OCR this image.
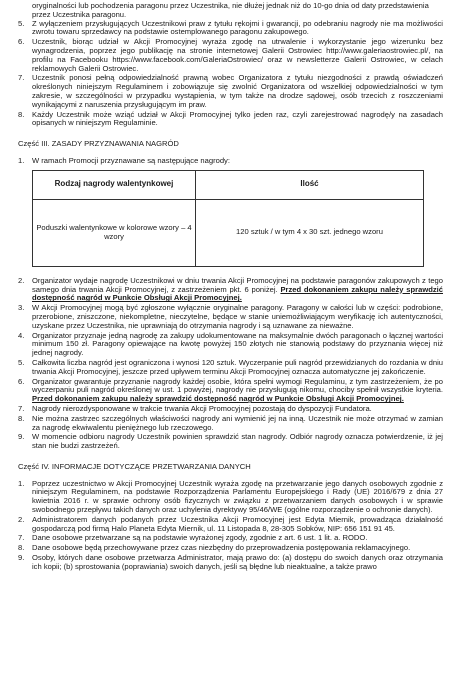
oryginalności lub pochodzenia paragonu przez Uczestnika, nie dłużej jednak niż do 10-go dnia od daty przedstawienia
przez Uczestnika paragonu.
5.	Z wyłączeniem przysługujących Uczestnikowi praw z tytułu rękojmi i gwarancji, po odebraniu nagrody nie ma możliwości zwrotu towaru sprzedawcy na podstawie ostemplowanego paragonu zakupowego.
6.	Uczestnik, biorąc udział w Akcji Promocyjnej wyraża zgodę na utrwalenie i wykorzystanie jego wizerunku bez wynagrodzenia, poprzez jego publikację na stronie internetowej Galerii Ostrowiec http://www.galeriaostrowiec.pl/, na profilu na Facebooku https://www.facebook.com/GaleriaOstrowiec/ oraz w newsletterze Galerii Ostrowiec, w celach reklamowych Galerii Ostrowiec.
7.	Uczestnik ponosi pełną odpowiedzialność prawną wobec Organizatora z tytułu niezgodności z prawdą oświadczeń określonych niniejszym Regulaminem i zobowiązuje się zwolnić Organizatora od wszelkiej odpowiedzialności w tym zakresie, w szczególności w przypadku wystąpienia, w tym także na drodze sądowej, osób trzecich z roszczeniami wynikającymi z naruszenia przysługującym im praw.
8.	Każdy Uczestnik może wziąć udział w Akcji Promocyjnej tylko jeden raz, czyli zarejestrować nagrodę/y na zasadach opisanych w niniejszym Regulaminie.
Część III. ZASADY PRZYZNAWANIA NAGRÓD
1.	W ramach Promocji przyznawane są następujące nagrody:
Rodzaj nagrody walentynkowej	Ilość
Poduszki walentynkowe w kolorowe wzory – 4 wzory	120 sztuk / w tym 4 x 30 szt. jednego wzoru
2.	Organizator wydaje nagrodę Uczestnikowi w dniu trwania Akcji Promocyjnej na podstawie paragonów zakupowych z tego samego dnia trwania Akcji Promocyjnej, z zastrzeżeniem pkt. 6 poniżej. Przed dokonaniem zakupu należy sprawdzić dostępność nagród w Punkcie Obsługi Akcji Promocyjnej.
3.	W Akcji Promocyjnej mogą być zgłoszone wyłącznie oryginalne paragony. Paragony w całości lub w części: podrobione, przerobione, zniszczone, niekompletne, nieczytelne, będące w stanie uniemożliwiającym weryfikację ich autentyczności, uzyskane przez Uczestnika, nie uprawniają do otrzymania nagrody i są uznawane za nieważne.
4.	Organizator przyznaje jedną nagrodę za zakupy udokumentowane na maksymalnie dwóch paragonach o łącznej wartości minimum 150 zł. Paragony opiewające na kwotę powyżej 150 złotych nie stanowią podstawy do przyznania więcej niż jednej nagrody.
5.	Całkowita liczba nagród jest ograniczona i wynosi 120 sztuk. Wyczerpanie puli nagród przewidzianych do rozdania w dniu trwania Akcji Promocyjnej, jeszcze przed upływem terminu Akcji Promocyjnej oznacza automatyczne jej zakończenie.
6.	Organizator gwarantuje przyznanie nagrody każdej osobie, która spełni wymogi Regulaminu, z tym zastrzeżeniem, że po wyczerpaniu puli nagród określonej w ust. 1 powyżej, nagrody nie przysługują nikomu, chociby spełnił wszystkie kryteria. Przed dokonaniem zakupu należy sprawdzić dostępność nagród w Punkcie Obsługi Akcji Promocyjnej.
7.	Nagrody nierozdysponowane w trakcie trwania Akcji Promocyjnej pozostają do dyspozycji Fundatora.
8.	Nie można zastrzec szczególnych właściwości nagrody ani wymienić jej na inną. Uczestnik nie może otrzymać w zamian za nagrodę ekwiwalentu pieniężnego lub rzeczowego.
9.	W momencie odbioru nagrody Uczestnik powinien sprawdzić stan nagrody. Odbiór nagrody oznacza potwierdzenie, iż jej stan nie budzi zastrzeżeń.
Część IV. INFORMACJE DOTYCZĄCE PRZETWARZANIA DANYCH
1.	Poprzez uczestnictwo w Akcji Promocyjnej Uczestnik wyraża zgodę na przetwarzanie jego danych osobowych zgodnie z niniejszym Regulaminem, na podstawie Rozporządzenia Parlamentu Europejskiego i Rady (UE) 2016/679 z dnia 27 kwietnia 2016 r. w sprawie ochrony osób fizycznych w związku z przetwarzaniem danych osobowych i w sprawie swobodnego przepływu takich danych oraz uchylenia dyrektywy 95/46/WE (ogólne rozporządzenie o ochronie danych).
2.	Administratorem danych podanych przez Uczestnika Akcji Promocyjnej jest Edyta Miernik, prowadząca działalność gospodarczą pod firmą Halo Planeta Edyta Miernik, ul. 11 Listopada 8, 28-305 Sobków, NIP: 656 151 91 45.
7.	Dane osobowe przetwarzane są na podstawie wyrażonej zgody, zgodnie z art. 6 ust. 1 lit. a. RODO.
8.	Dane osobowe będą przechowywane przez czas niezbędny do przeprowadzenia postępowania reklamacyjnego.
9.	Osoby, których dane osobowe przetwarza Administrator, mają prawo do: (a) dostępu do swoich danych oraz otrzymania ich kopii; (b) sprostowania (poprawiania) swoich danych, jeśli są błędne lub nieaktualne, a także prawo
